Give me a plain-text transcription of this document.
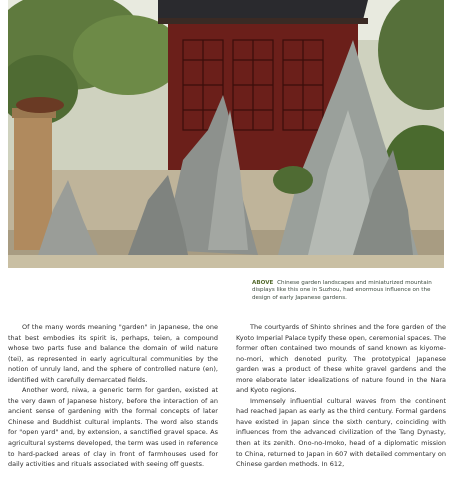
ABOVE Chinese garden landscapes and miniaturized mountain displays like this one in Suzhou, had enormous influence on the design of early Japanese gardens.

Of the many words meaning "garden" in Japanese, the one that best embodies its spirit is, perhaps, teien, a compound whose two parts fuse and balance the domain of wild nature (tei), as represented in early agricultural communities by the notion of unruly land, and the sphere of controlled nature (en), identified with carefully demarcated fields.

Another word, niwa, a generic term for garden, existed at the very dawn of Japanese history, before the interaction of an ancient sense of gardening with the formal concepts of later Chinese and Buddhist cultural implants. The word also stands for "open yard" and, by extension, a sanctified gravel space. As agricultural systems developed, the term was used in reference to hard-packed areas of clay in front of farmhouses used for daily activities and rituals associated with seeing off guests.

The courtyards of Shinto shrines and the fore garden of the Kyoto Imperial Palace typify these open, ceremonial spaces. The former often contained two mounds of sand known as kiyome-no-mori, which denoted purity. The prototypical Japanese garden was a product of these white gravel gardens and the more elaborate later idealizations of nature found in the Nara and Kyoto regions.

Immensely influential cultural waves from the continent had reached Japan as early as the third century. Formal gardens have existed in Japan since the sixth century, coinciding with influences from the advanced civilization of the Tang Dynasty, then at its zenith. Ono-no-Imoko, head of a diplomatic mission to China, returned to Japan in 607 with detailed commentary on Chinese garden methods. In 612,
